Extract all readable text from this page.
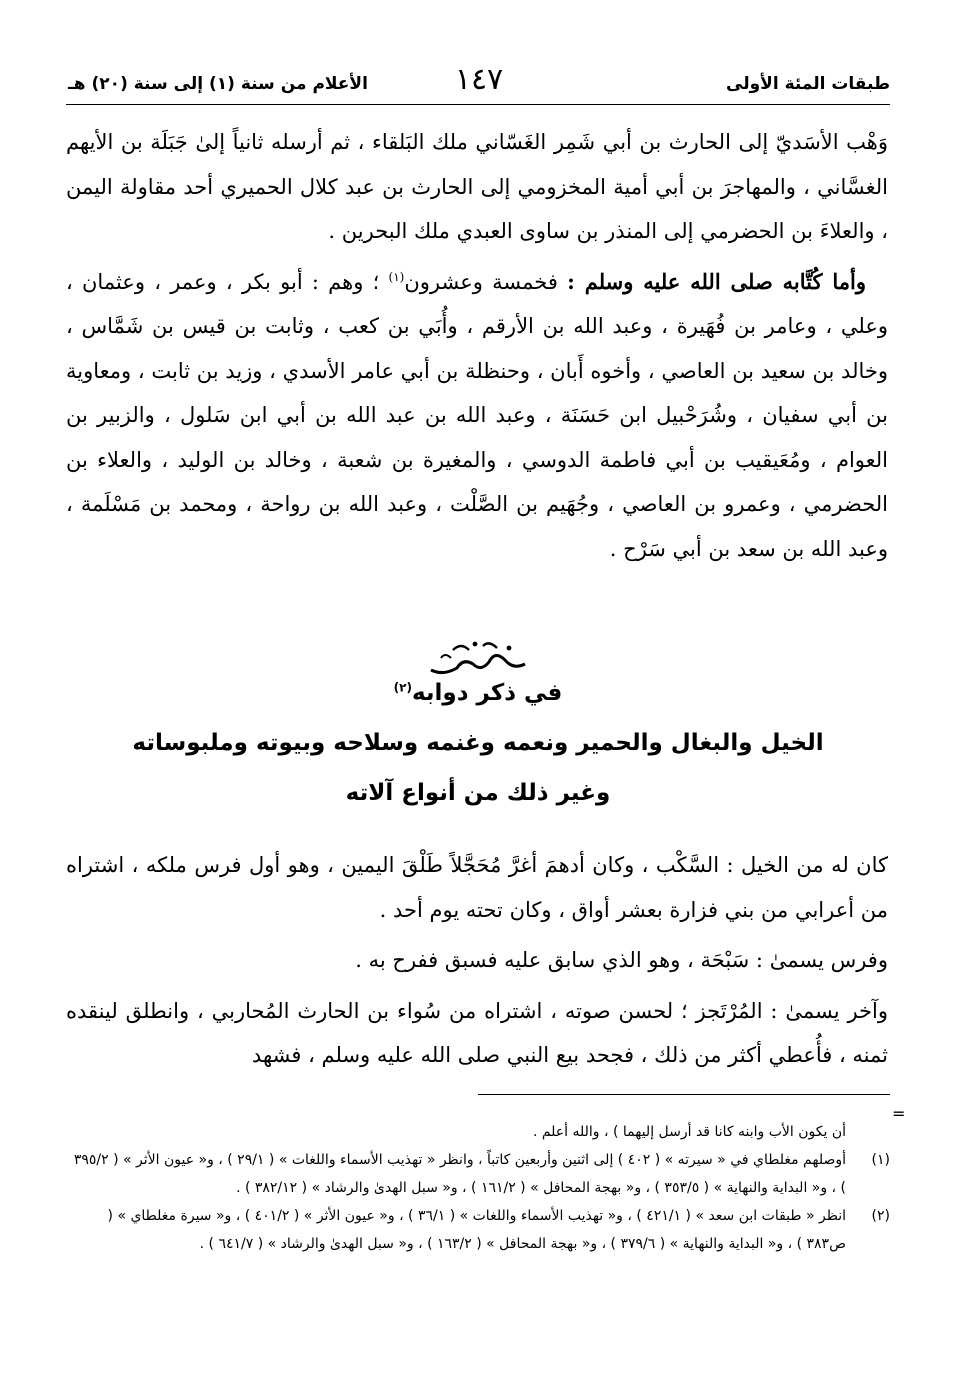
طبقات المئة الأولى
١٤٧
الأعلام من سنة (١) إلى سنة (٢٠) هـ

وَهْب الأسَديّ إلى الحارث بن أبي شَمِر الغَسّاني ملك البَلقاء ، ثم أرسله ثانياً إلىٰ جَبَلَة بن الأيهم الغسَّاني ، والمهاجرَ بن أبي أمية المخزومي إلى الحارث بن عبد كلال الحميري أحد مقاولة اليمن ، والعلاءَ بن الحضرمي إلى المنذر بن ساوى العبدي ملك البحرين .

وأما كُتَّابه صلى الله عليه وسلم : فخمسة وعشرون$^{(١)}$ ؛ وهم : أبو بكر ، وعمر ، وعثمان ، وعلي ، وعامر بن فُهَيرة ، وعبد الله بن الأرقم ، وأُبَي بن كعب ، وثابت بن قيس بن شَمَّاس ، وخالد بن سعيد بن العاصي ، وأخوه أَبان ، وحنظلة بن أبي عامر الأسدي ، وزيد بن ثابت ، ومعاوية بن أبي سفيان ، وشُرَحْبيل ابن حَسَنَة ، وعبد الله بن عبد الله بن أبي ابن سَلول ، والزبير بن العوام ، ومُعَيقيب بن أبي فاطمة الدوسي ، والمغيرة بن شعبة ، وخالد بن الوليد ، والعلاء بن الحضرمي ، وعمرو بن العاصي ، وجُهَيم بن الصَّلْت ، وعبد الله بن رواحة ، ومحمد بن مَسْلَمة ، وعبد الله بن سعد بن أبي سَرْح .

في ذكر دوابه$^{(٢)}$
الخيل والبغال والحمير ونعمه وغنمه وسلاحه وبيوته وملبوساته
وغير ذلك من أنواع آلاته

كان له من الخيل : السَّكْب ، وكان أدهمَ أغرَّ مُحَجَّلاً طَلْقَ اليمين ، وهو أول فرس ملكه ، اشتراه من أعرابي من بني فزارة بعشر أواق ، وكان تحته يوم أحد .

وفرس يسمىٰ : سَبْحَة ، وهو الذي سابق عليه فسبق ففرح به .

وآخر يسمىٰ : المُرْتَجز ؛ لحسن صوته ، اشتراه من سُواء بن الحارث المُحاربي ، وانطلق لينقده ثمنه ، فأُعطي أكثر من ذلك ، فجحد بيع النبي صلى الله عليه وسلم ، فشهد

=

أن يكون الأب وابنه كانا قد أرسل إليهما ) ، والله أعلم .

(١)
أوصلهم مغلطاي في « سيرته » ( ٤٠٢ ) إلى اثنين وأربعين كاتباً ، وانظر « تهذيب الأسماء واللغات » ( ٢٩/١ ) ، و« عيون الأثر » ( ٣٩٥/٢ ) ، و« البداية والنهاية » ( ٣٥٣/٥ ) ، و« بهجة المحافل » ( ١٦١/٢ ) ، و« سبل الهدىٰ والرشاد » ( ٣٨٢/١٢ ) .

(٢)
انظر « طبقات ابن سعد » ( ٤٢١/١ ) ، و« تهذيب الأسماء واللغات » ( ٣٦/١ ) ، و« عيون الأثر » ( ٤٠١/٢ ) ، و« سيرة مغلطاي » ( ص٣٨٣ ) ، و« البداية والنهاية » ( ٣٧٩/٦ ) ، و« بهجة المحافل » ( ١٦٣/٢ ) ، و« سبل الهدىٰ والرشاد » ( ٦٤١/٧ ) .
